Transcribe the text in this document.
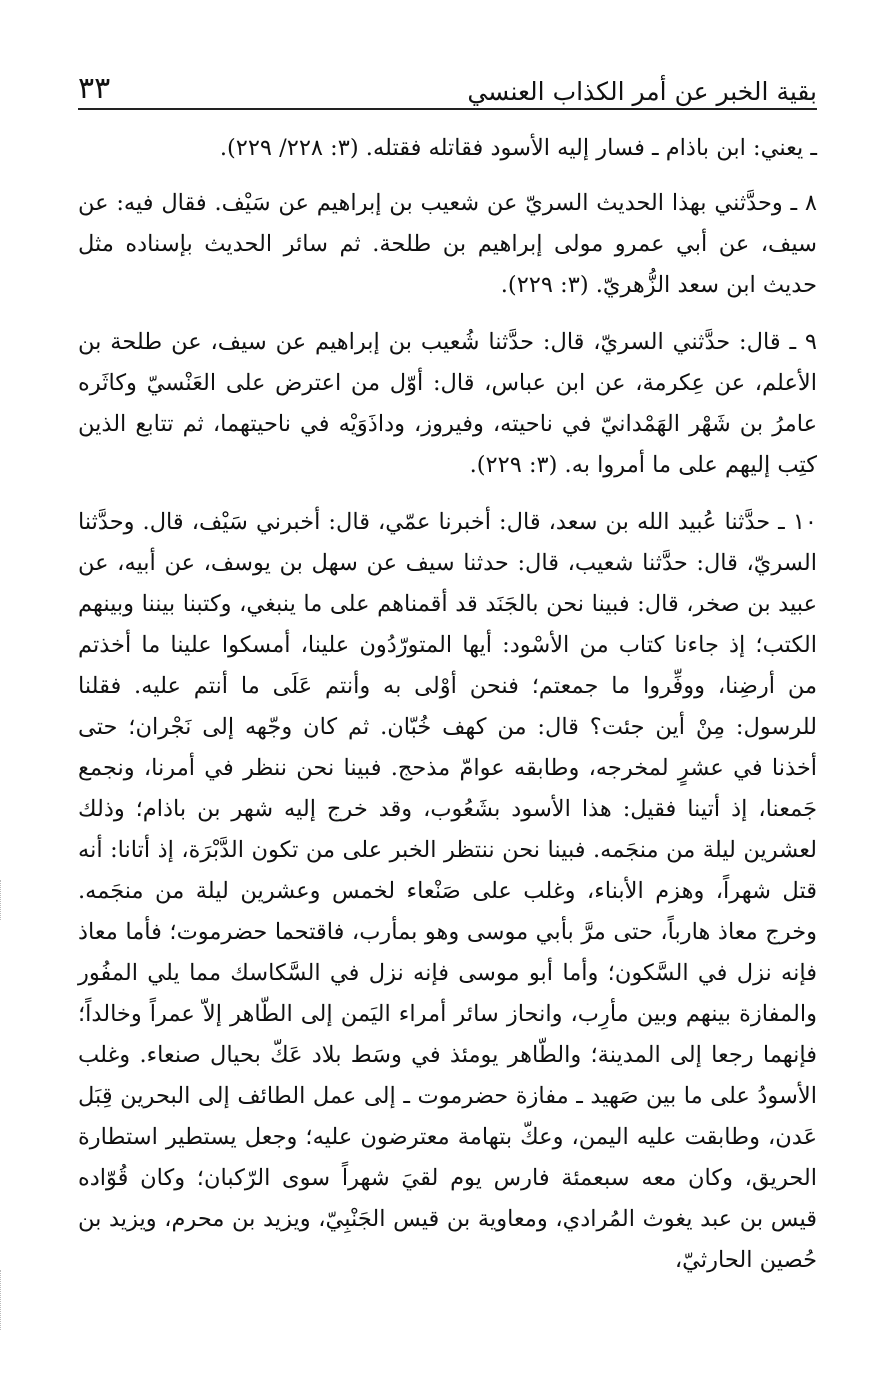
بقية الخبر عن أمر الكذاب العنسي
٣٣

ـ يعني: ابن باذام ـ فسار إليه الأسود فقاتله فقتله. (٣: ٢٢٨/ ٢٢٩).

٨ ـ وحدَّثني بهذا الحديث السريّ عن شعيب بن إبراهيم عن سَيْف. فقال فيه: عن سيف، عن أبي عمرو مولى إبراهيم بن طلحة. ثم سائر الحديث بإسناده مثل حديث ابن سعد الزُّهريّ. (٣: ٢٢٩).

٩ ـ قال: حدَّثني السريّ، قال: حدَّثنا شُعيب بن إبراهيم عن سيف، عن طلحة بن الأعلم، عن عِكرمة، عن ابن عباس، قال: أوّل من اعترض على العَنْسيّ وكاثَره عامرُ بن شَهْر الهَمْدانيّ في ناحيته، وفيروز، وداذَوَيْه في ناحيتهما، ثم تتابع الذين كتِب إليهم على ما أمروا به. (٣: ٢٢٩).

١٠ ـ حدَّثنا عُبيد الله بن سعد، قال: أخبرنا عمّي، قال: أخبرني سَيْف، قال. وحدَّثنا السريّ، قال: حدَّثنا شعيب، قال: حدثنا سيف عن سهل بن يوسف، عن أبيه، عن عبيد بن صخر، قال: فبينا نحن بالجَنَد قد أقمناهم على ما ينبغي، وكتبنا بيننا وبينهم الكتب؛ إذ جاءنا كتاب من الأسْود: أيها المتورّدُون علينا، أمسكوا علينا ما أخذتم من أرضِنا، ووفِّروا ما جمعتم؛ فنحن أوْلى به وأنتم عَلَى ما أنتم عليه. فقلنا للرسول: مِنْ أين جئت؟ قال: من كهف خُبّان. ثم كان وجّهه إلى نَجْران؛ حتى أخذنا في عشرٍ لمخرجه، وطابقه عوامّ مذحج. فبينا نحن ننظر في أمرنا، ونجمع جَمعنا، إذ أتينا فقيل: هذا الأسود بشَعُوب، وقد خرج إليه شهر بن باذام؛ وذلك لعشرين ليلة من منجَمه. فبينا نحن ننتظر الخبر على من تكون الدَّبْرَة، إذ أتانا: أنه قتل شهراً، وهزم الأبناء، وغلب على صَنْعاء لخمس وعشرين ليلة من منجَمه. وخرج معاذ هارباً، حتى مرَّ بأبي موسى وهو بمأرب، فاقتحما حضرموت؛ فأما معاذ فإنه نزل في السَّكون؛ وأما أبو موسى فإنه نزل في السَّكاسك مما يلي المفُور والمفازة بينهم وبين مأرِب، وانحاز سائر أمراء اليَمن إلى الطّاهر إلاّ عمراً وخالداً؛ فإنهما رجعا إلى المدينة؛ والطّاهر يومئذ في وسَط بلاد عَكّ بحيال صنعاء. وغلب الأسودُ على ما بين صَهيد ـ مفازة حضرموت ـ إلى عمل الطائف إلى البحرين قِبَل عَدن، وطابقت عليه اليمن، وعكّ بتهامة معترضون عليه؛ وجعل يستطير استطارة الحريق، وكان معه سبعمئة فارس يوم لقيَ شهراً سوى الرّكبان؛ وكان قُوّاده قيس بن عبد يغوث المُرادي، ومعاوية بن قيس الجَنْبِيّ، ويزيد بن محرم، ويزيد بن حُصين الحارثيّ،
